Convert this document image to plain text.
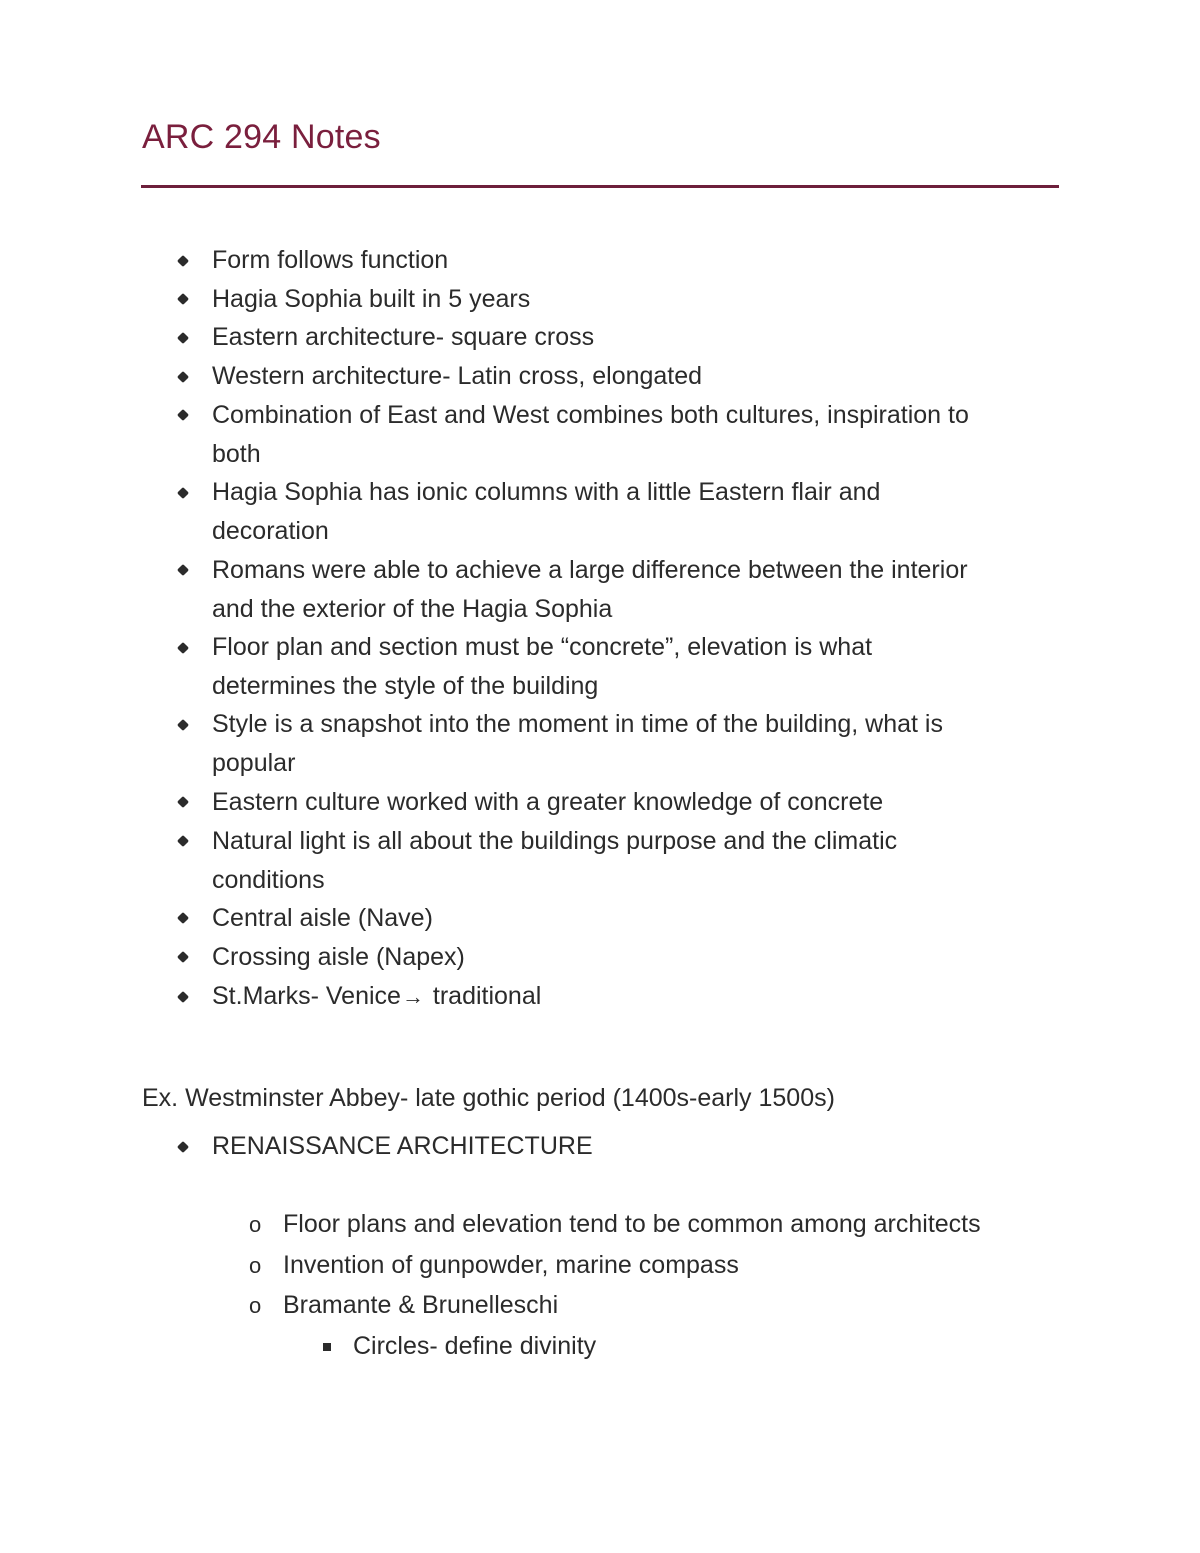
ARC 294 Notes
Form follows function
Hagia Sophia built in 5 years
Eastern architecture- square cross
Western architecture- Latin cross, elongated
Combination of East and West combines both cultures, inspiration to
both
Hagia Sophia has ionic columns with a little Eastern flair and
decoration
Romans were able to achieve a large difference between the interior
and the exterior of the Hagia Sophia
Floor plan and section must be “concrete”, elevation is what
determines the style of the building
Style is a snapshot into the moment in time of the building, what is
popular
Eastern culture worked with a greater knowledge of concrete
Natural light is all about the buildings purpose and the climatic
conditions
Central aisle (Nave)
Crossing aisle (Napex)
St.Marks- Venice→ traditional
Ex. Westminster Abbey- late gothic period (1400s-early 1500s)
RENAISSANCE ARCHITECTURE
o Floor plans and elevation tend to be common among architects
o Invention of gunpowder, marine compass
o Bramante & Brunelleschi
Circles- define divinity
